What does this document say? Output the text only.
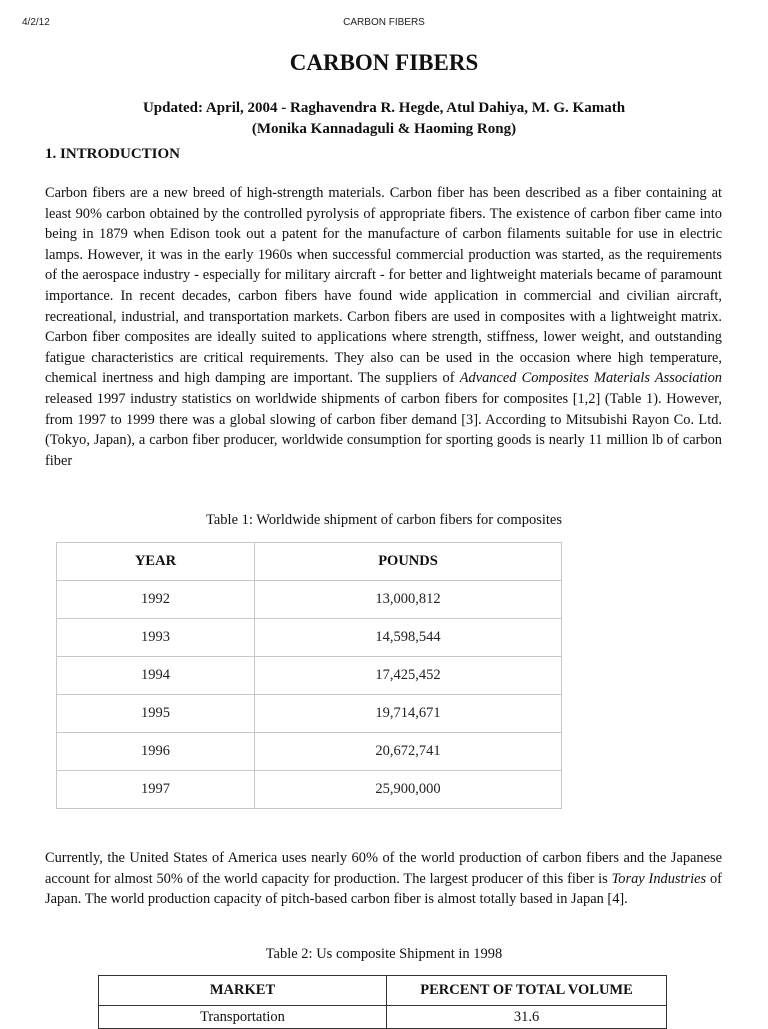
4/2/12	CARBON FIBERS
CARBON FIBERS
Updated: April, 2004 - Raghavendra R. Hegde, Atul Dahiya, M. G. Kamath
(Monika Kannadaguli & Haoming Rong)
1. INTRODUCTION

Carbon fibers are a new breed of high-strength materials. Carbon fiber has been described as a fiber containing at least 90% carbon obtained by the controlled pyrolysis of appropriate fibers. The existence of carbon fiber came into being in 1879 when Edison took out a patent for the manufacture of carbon filaments suitable for use in electric lamps. However, it was in the early 1960s when successful commercial production was started, as the requirements of the aerospace industry - especially for military aircraft - for better and lightweight materials became of paramount importance. In recent decades, carbon fibers have found wide application in commercial and civilian aircraft, recreational, industrial, and transportation markets. Carbon fibers are used in composites with a lightweight matrix. Carbon fiber composites are ideally suited to applications where strength, stiffness, lower weight, and outstanding fatigue characteristics are critical requirements. They also can be used in the occasion where high temperature, chemical inertness and high damping are important. The suppliers of Advanced Composites Materials Association released 1997 industry statistics on worldwide shipments of carbon fibers for composites [1,2] (Table 1). However, from 1997 to 1999 there was a global slowing of carbon fiber demand [3]. According to Mitsubishi Rayon Co. Ltd. (Tokyo, Japan), a carbon fiber producer, worldwide consumption for sporting goods is nearly 11 million lb of carbon fiber

Table 1: Worldwide shipment of carbon fibers for composites

YEAR	POUNDS
1992	13,000,812
1993	14,598,544
1994	17,425,452
1995	19,714,671
1996	20,672,741
1997	25,900,000

Currently, the United States of America uses nearly 60% of the world production of carbon fibers and the Japanese account for almost 50% of the world capacity for production. The largest producer of this fiber is Toray Industries of Japan. The world production capacity of pitch-based carbon fiber is almost totally based in Japan [4].

Table 2: Us composite Shipment in 1998

MARKET	PERCENT OF TOTAL VOLUME
Transportation	31.6
